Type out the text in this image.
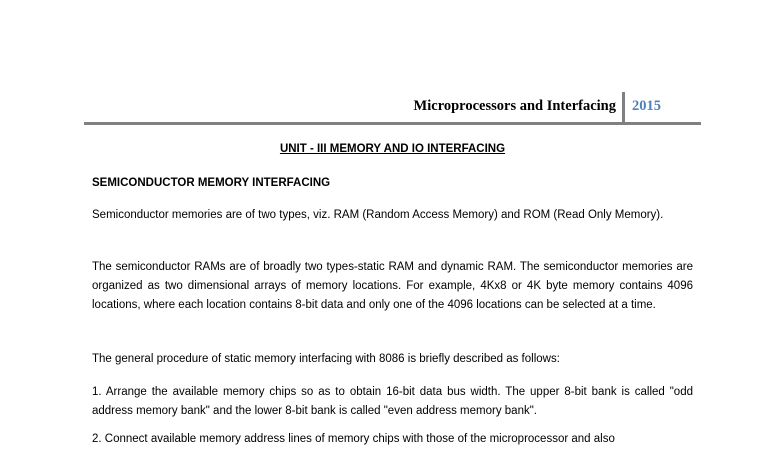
Microprocessors and Interfacing 2015
UNIT - III MEMORY AND IO INTERFACING
SEMICONDUCTOR MEMORY INTERFACING

Semiconductor memories are of two types, viz. RAM (Random Access Memory) and ROM (Read Only Memory).

The semiconductor RAMs are of broadly two types-static RAM and dynamic RAM. The semiconductor memories are organized as two dimensional arrays of memory locations. For example, 4Kx8 or 4K byte memory contains 4096 locations, where each location contains 8-bit data and only one of the 4096 locations can be selected at a time.

The general procedure of static memory interfacing with 8086 is briefly described as follows:

1. Arrange the available memory chips so as to obtain 16-bit data bus width. The upper 8-bit bank is called "odd address memory bank" and the lower 8-bit bank is called "even address memory bank".

2. Connect available memory address lines of memory chips with those of the microprocessor and also
